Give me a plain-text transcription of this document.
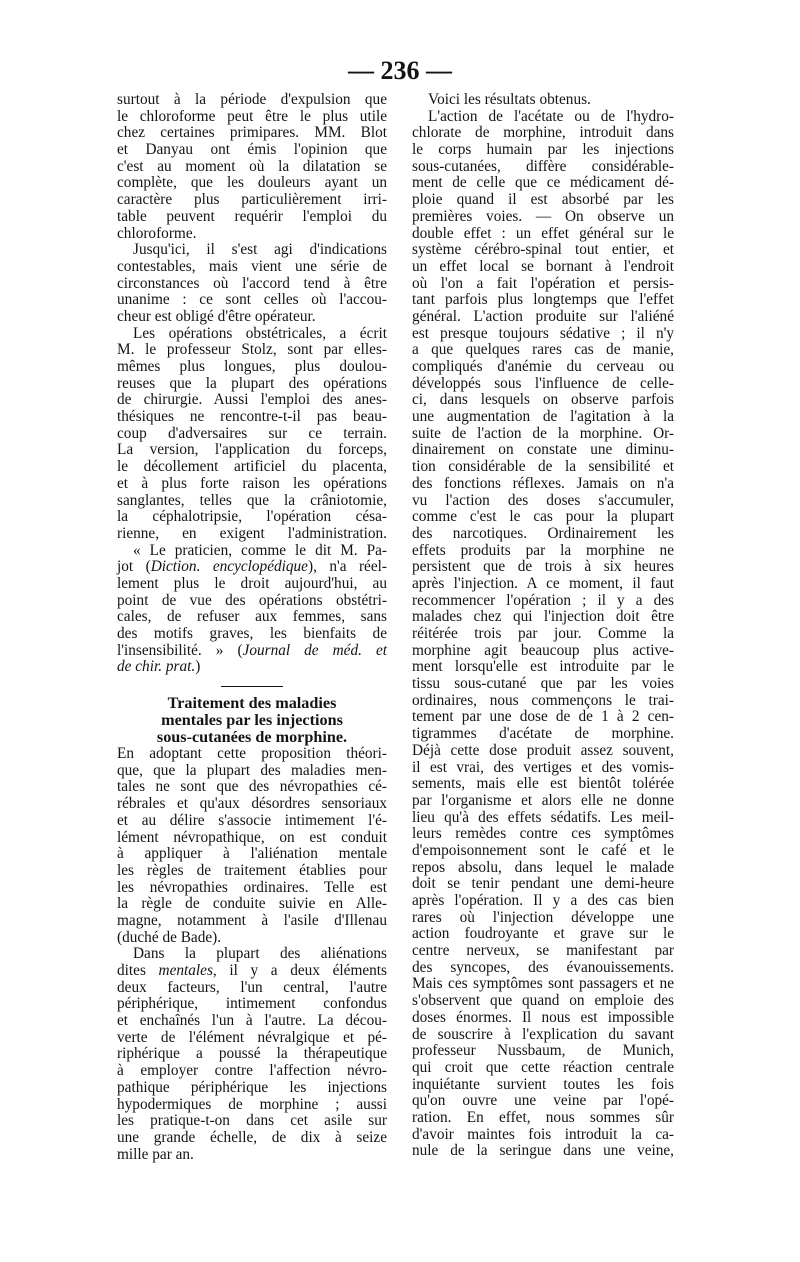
— 236 —
surtout à la période d'expulsion que
le chloroforme peut être le plus utile
chez certaines primipares. MM. Blot
et Danyau ont émis l'opinion que
c'est au moment où la dilatation se
complète, que les douleurs ayant un
caractère plus particulièrement irri-
table peuvent requérir l'emploi du
chloroforme.
Jusqu'ici, il s'est agi d'indications
contestables, mais vient une série de
circonstances où l'accord tend à être
unanime : ce sont celles où l'accou-
cheur est obligé d'être opérateur.
Les opérations obstétricales, a écrit
M. le professeur Stolz, sont par elles-
mêmes plus longues, plus doulou-
reuses que la plupart des opérations
de chirurgie. Aussi l'emploi des anes-
thésiques ne rencontre-t-il pas beau-
coup d'adversaires sur ce terrain.
La version, l'application du forceps,
le décollement artificiel du placenta,
et à plus forte raison les opérations
sanglantes, telles que la crâniotomie,
la céphalotripsie, l'opération césa-
rienne, en exigent l'administration.
« Le praticien, comme le dit M. Pa-
jot (Diction. encyclopédique), n'a réel-
lement plus le droit aujourd'hui, au
point de vue des opérations obstétri-
cales, de refuser aux femmes, sans
des motifs graves, les bienfaits de
l'insensibilité. » (Journal de méd. et
de chir. prat.)
Traitement des maladies
mentales par les injections
sous-cutanées de morphine.
En adoptant cette proposition théori-
que, que la plupart des maladies men-
tales ne sont que des névropathies cé-
rébrales et qu'aux désordres sensoriaux
et au délire s'associe intimement l'é-
lément névropathique, on est conduit
à appliquer à l'aliénation mentale
les règles de traitement établies pour
les névropathies ordinaires. Telle est
la règle de conduite suivie en Alle-
magne, notamment à l'asile d'Illenau
(duché de Bade).
Dans la plupart des aliénations
dites mentales, il y a deux éléments
deux facteurs, l'un central, l'autre
périphérique, intimement confondus
et enchaînés l'un à l'autre. La décou-
verte de l'élément névralgique et pé-
riphérique a poussé la thérapeutique
à employer contre l'affection névro-
pathique périphérique les injections
hypodermiques de morphine ; aussi
les pratique-t-on dans cet asile sur
une grande échelle, de dix à seize
mille par an.
Voici les résultats obtenus.
L'action de l'acétate ou de l'hydro-
chlorate de morphine, introduit dans
le corps humain par les injections
sous-cutanées, diffère considérable-
ment de celle que ce médicament dé-
ploie quand il est absorbé par les
premières voies. — On observe un
double effet : un effet général sur le
système cérébro-spinal tout entier, et
un effet local se bornant à l'endroit
où l'on a fait l'opération et persis-
tant parfois plus longtemps que l'effet
général. L'action produite sur l'aliéné
est presque toujours sédative ; il n'y
a que quelques rares cas de manie,
compliqués d'anémie du cerveau ou
développés sous l'influence de celle-
ci, dans lesquels on observe parfois
une augmentation de l'agitation à la
suite de l'action de la morphine. Or-
dinairement on constate une diminu-
tion considérable de la sensibilité et
des fonctions réflexes. Jamais on n'a
vu l'action des doses s'accumuler,
comme c'est le cas pour la plupart
des narcotiques. Ordinairement les
effets produits par la morphine ne
persistent que de trois à six heures
après l'injection. A ce moment, il faut
recommencer l'opération ; il y a des
malades chez qui l'injection doit être
réitérée trois par jour. Comme la
morphine agit beaucoup plus active-
ment lorsqu'elle est introduite par le
tissu sous-cutané que par les voies
ordinaires, nous commençons le trai-
tement par une dose de de 1 à 2 cen-
tigrammes d'acétate de morphine.
Déjà cette dose produit assez souvent,
il est vrai, des vertiges et des vomis-
sements, mais elle est bientôt tolérée
par l'organisme et alors elle ne donne
lieu qu'à des effets sédatifs. Les meil-
leurs remèdes contre ces symptômes
d'empoisonnement sont le café et le
repos absolu, dans lequel le malade
doit se tenir pendant une demi-heure
après l'opération. Il y a des cas bien
rares où l'injection développe une
action foudroyante et grave sur le
centre nerveux, se manifestant par
des syncopes, des évanouissements.
Mais ces symptômes sont passagers et ne
s'observent que quand on emploie des
doses énormes. Il nous est impossible
de souscrire à l'explication du savant
professeur Nussbaum, de Munich,
qui croit que cette réaction centrale
inquiétante survient toutes les fois
qu'on ouvre une veine par l'opé-
ration. En effet, nous sommes sûr
d'avoir maintes fois introduit la ca-
nule de la seringue dans une veine,
